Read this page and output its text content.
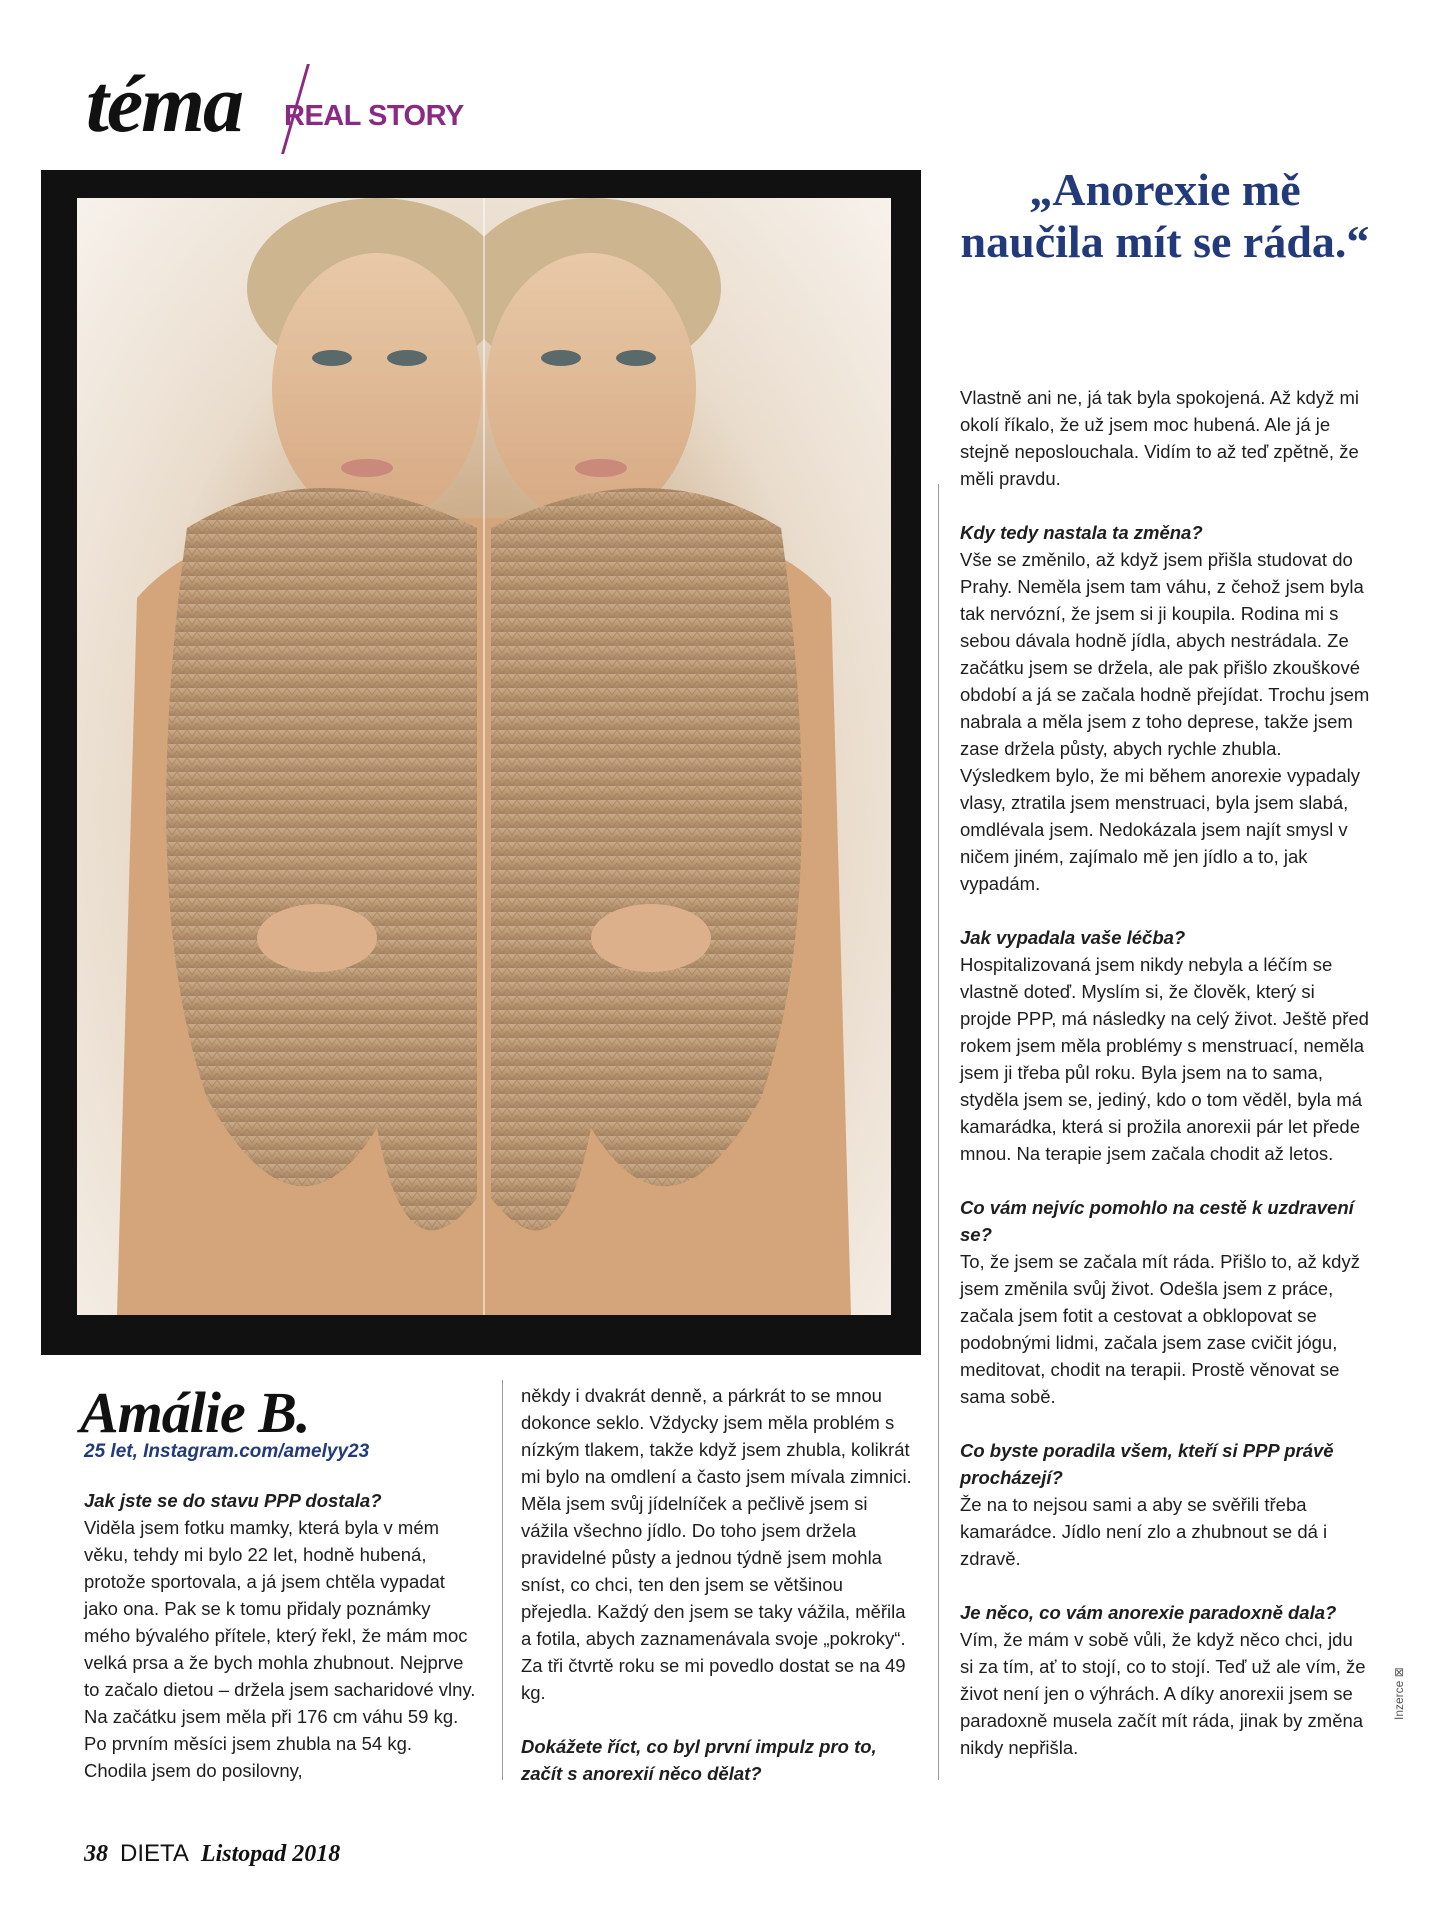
téma REAL STORY
„Anorexie mě naučila mít se ráda.“
Amálie B.
25 let, Instagram.com/amelyy23
Jak jste se do stavu PPP dostala?

Viděla jsem fotku mamky, která byla v mém věku, tehdy mi bylo 22 let, hodně hubená, protože sportovala, a já jsem chtěla vypadat jako ona. Pak se k tomu přidaly poznámky mého bývalého přítele, který řekl, že mám moc velká prsa a že bych mohla zhubnout. Nejprve to začalo dietou – držela jsem sacharidové vlny. Na začátku jsem měla při 176 cm váhu 59 kg. Po prvním měsíci jsem zhubla na 54 kg. Chodila jsem do posilovny,

někdy i dvakrát denně, a párkrát to se mnou dokonce seklo. Vždycky jsem měla problém s nízkým tlakem, takže když jsem zhubla, kolikrát mi bylo na omdlení a často jsem mívala zimnici. Měla jsem svůj jídelníček a pečlivě jsem si vážila všechno jídlo. Do toho jsem držela pravidelné půsty a jednou týdně jsem mohla sníst, co chci, ten den jsem se většinou přejedla. Každý den jsem se taky vážila, měřila a fotila, abych zaznamenávala svoje „pokroky“. Za tři čtvrtě roku se mi povedlo dostat se na 49 kg.

Dokážete říct, co byl první impulz pro to, začít s anorexií něco dělat?

Vlastně ani ne, já tak byla spokojená. Až když mi okolí říkalo, že už jsem moc hubená. Ale já je stejně neposlouchala. Vidím to až teď zpětně, že měli pravdu.

Kdy tedy nastala ta změna?

Vše se změnilo, až když jsem přišla studovat do Prahy. Neměla jsem tam váhu, z čehož jsem byla tak nervózní, že jsem si ji koupila. Rodina mi s sebou dávala hodně jídla, abych nestrádala. Ze začátku jsem se držela, ale pak přišlo zkouškové období a já se začala hodně přejídat. Trochu jsem nabrala a měla jsem z toho deprese, takže jsem zase držela půsty, abych rychle zhubla. Výsledkem bylo, že mi během anorexie vypadaly vlasy, ztratila jsem menstruaci, byla jsem slabá, omdlévala jsem. Nedokázala jsem najít smysl v ničem jiném, zajímalo mě jen jídlo a to, jak vypadám.

Jak vypadala vaše léčba?

Hospitalizovaná jsem nikdy nebyla a léčím se vlastně doteď. Myslím si, že člověk, který si projde PPP, má následky na celý život. Ještě před rokem jsem měla problémy s menstruací, neměla jsem ji třeba půl roku. Byla jsem na to sama, styděla jsem se, jediný, kdo o tom věděl, byla má kamarádka, která si prožila anorexii pár let přede mnou. Na terapie jsem začala chodit až letos.

Co vám nejvíc pomohlo na cestě k uzdravení se?

To, že jsem se začala mít ráda. Přišlo to, až když jsem změnila svůj život. Odešla jsem z práce, začala jsem fotit a cestovat a obklopovat se podobnými lidmi, začala jsem zase cvičit jógu, meditovat, chodit na terapii. Prostě věnovat se sama sobě.

Co byste poradila všem, kteří si PPP právě procházejí?

Že na to nejsou sami a aby se svěřili třeba kamarádce. Jídlo není zlo a zhubnout se dá i zdravě.

Je něco, co vám anorexie paradoxně dala?

Vím, že mám v sobě vůli, že když něco chci, jdu si za tím, ať to stojí, co to stojí. Teď už ale vím, že život není jen o výhrách. A díky anorexii jsem se paradoxně musela začít mít ráda, jinak by změna nikdy nepřišla.

Inzerce ⊠
38 DIETA Listopad 2018
